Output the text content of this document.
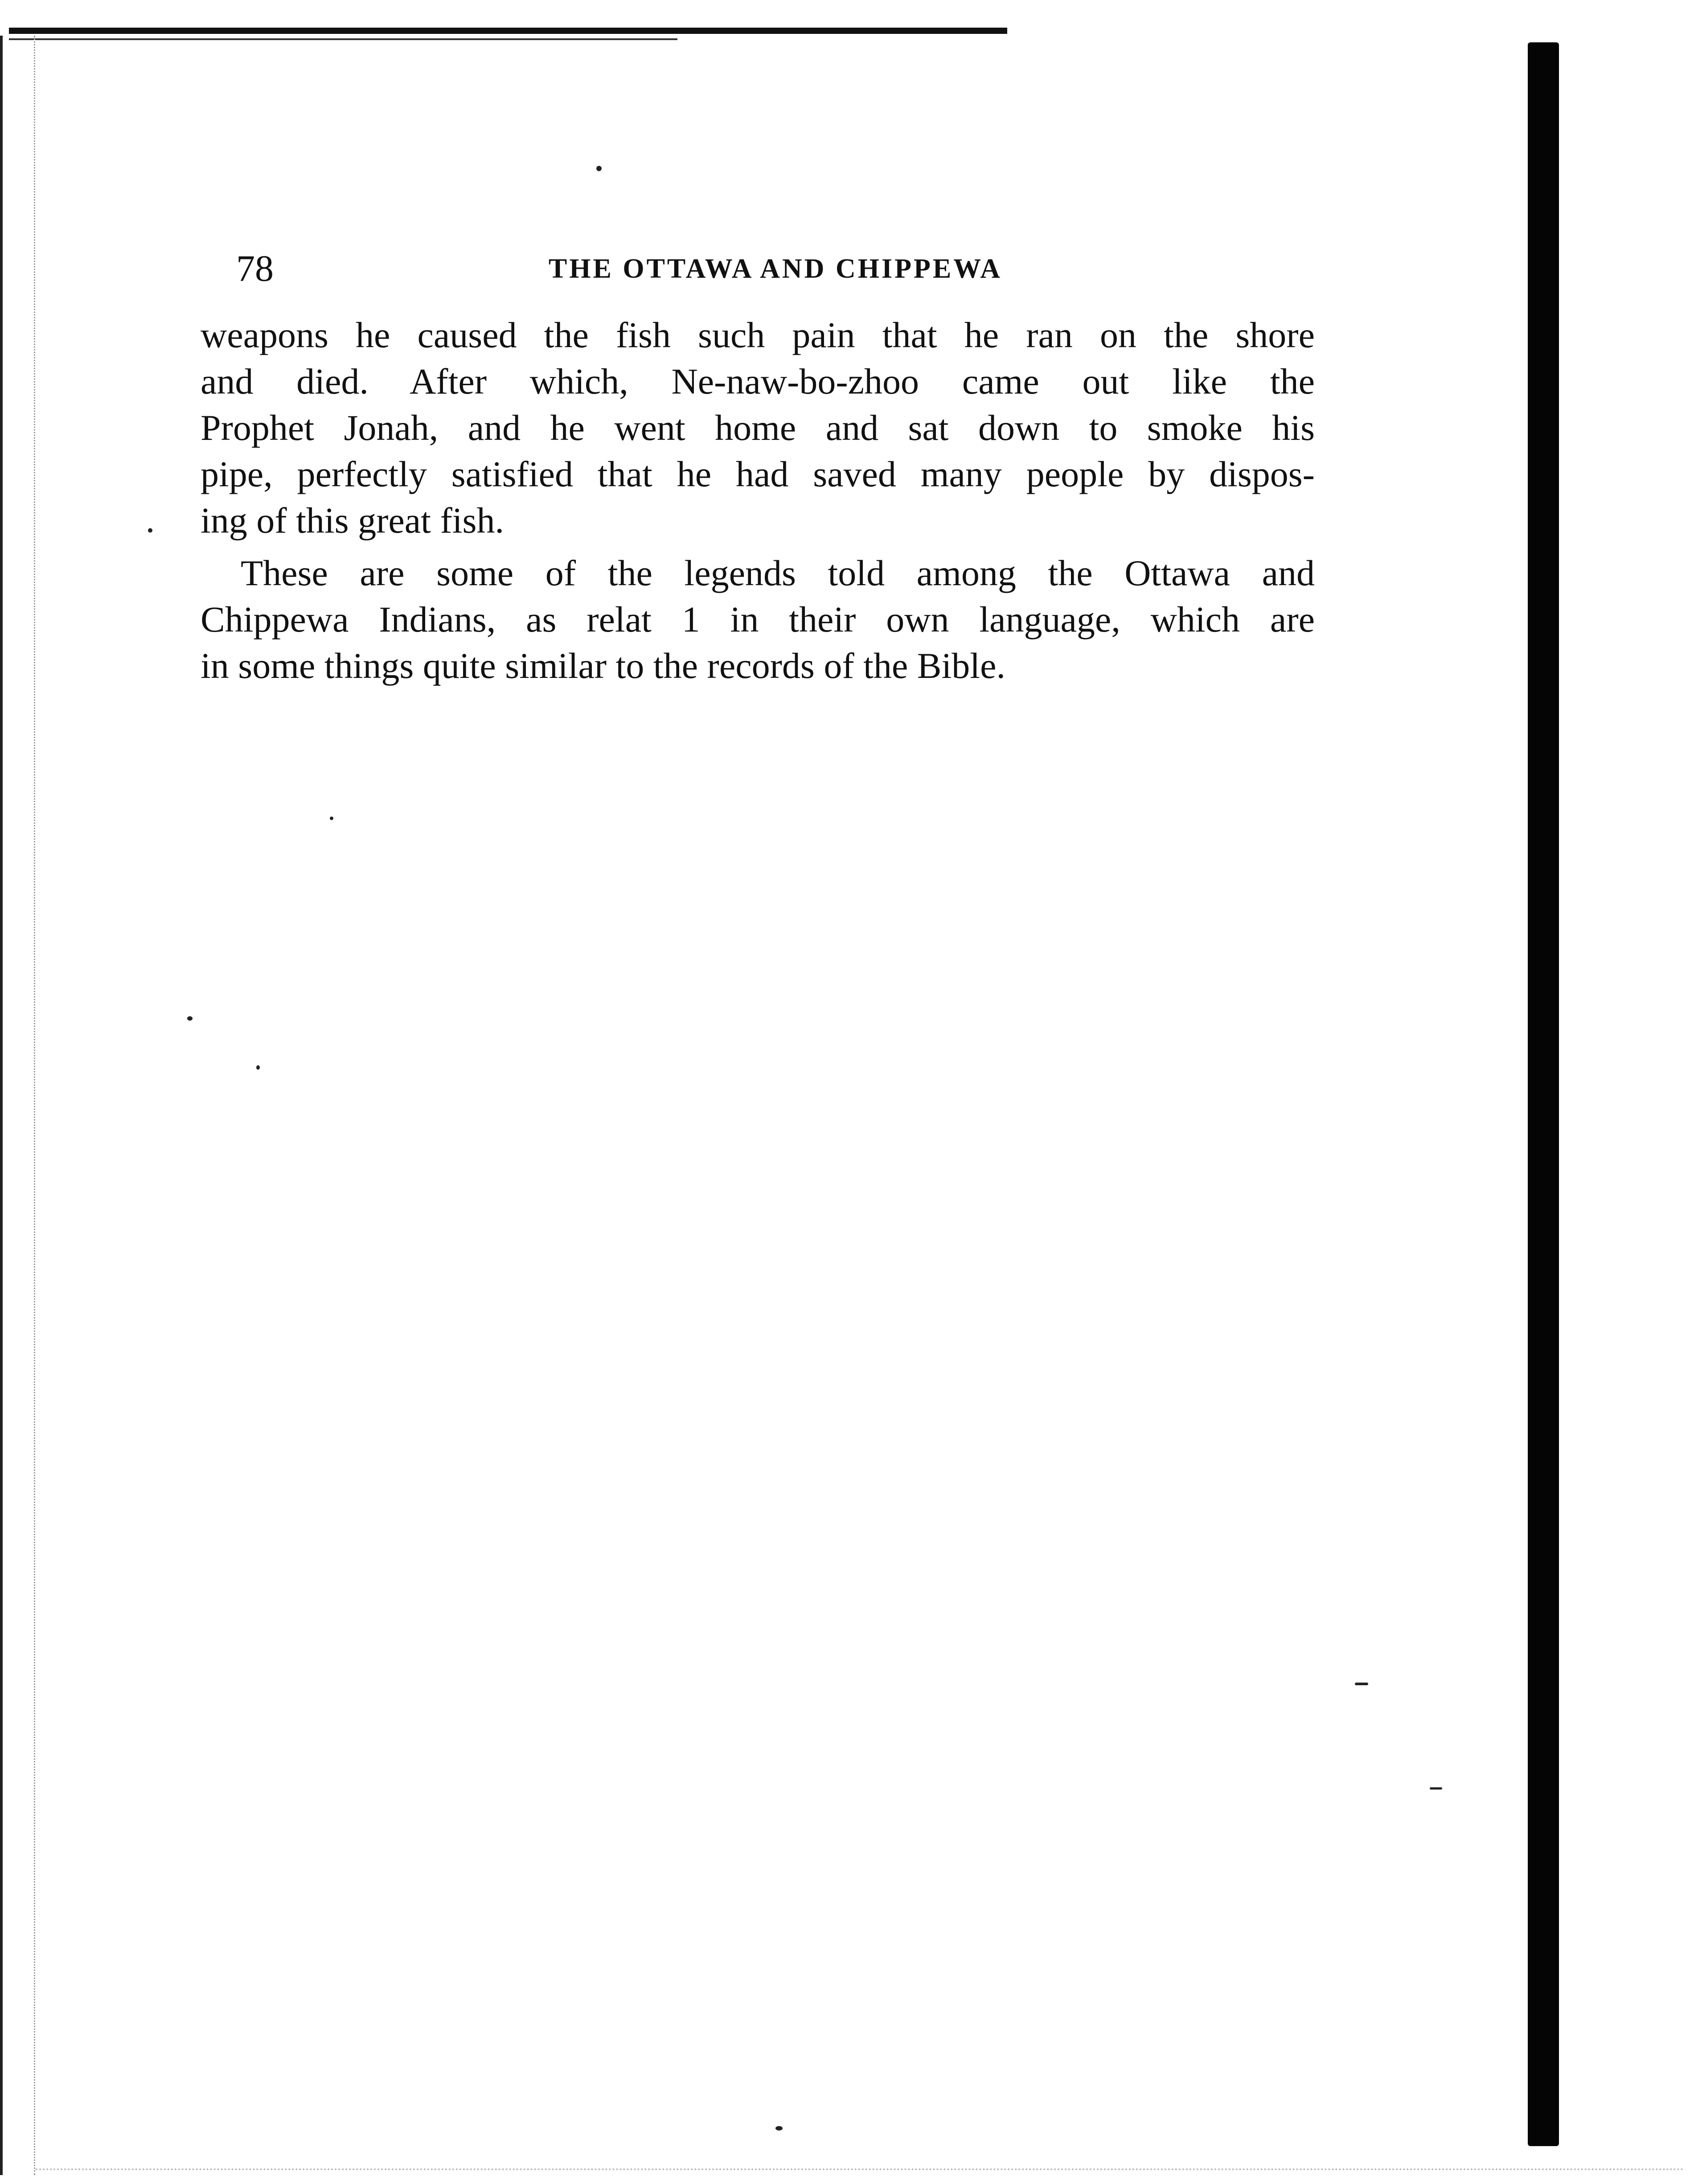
78	THE OTTAWA AND CHIPPEWA
weapons he caused the fish such pain that he ran on the shore
and died. After which, Ne-naw-bo-zhoo came out like the
Prophet Jonah, and he went home and sat down to smoke his
pipe, perfectly satisfied that he had saved many people by dispos-
ing of this great fish.
These are some of the legends told among the Ottawa and
Chippewa Indians, as relat 1 in their own language, which are
in some things quite similar to the records of the Bible.
